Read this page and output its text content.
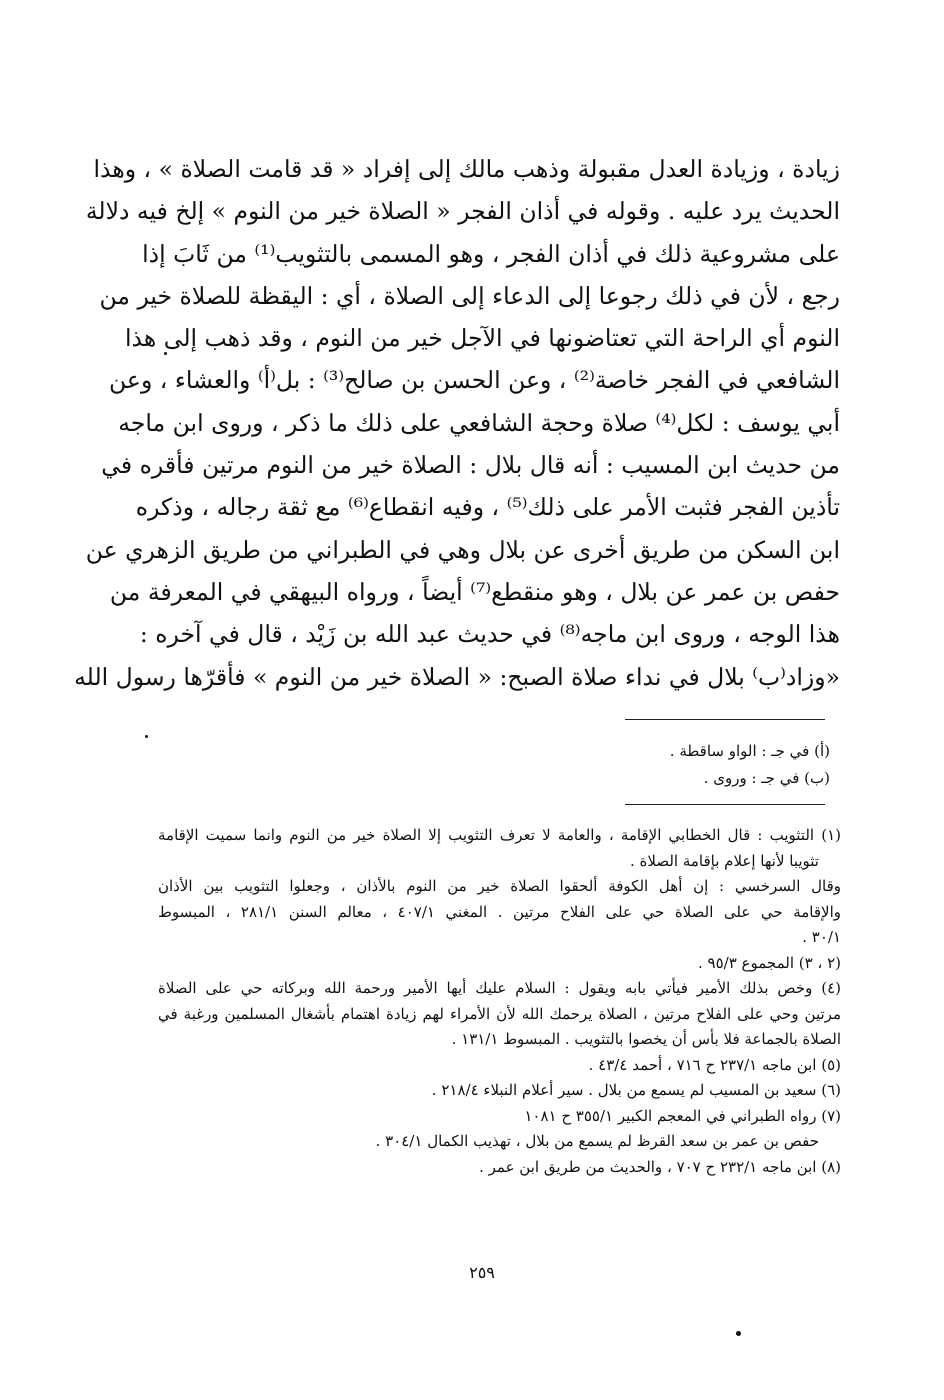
زيادة ، وزيادة العدل مقبولة وذهب مالك إلى إفراد « قد قامت الصلاة » ، وهذا
الحديث يرد عليه . وقوله في أذان الفجر « الصلاة خير من النوم » إلخ فيه دلالة
على مشروعية ذلك في أذان الفجر ، وهو المسمى بالتثويب⁽¹⁾ من ثَابَ إذا
رجع ، لأن في ذلك رجوعا إلى الدعاء إلى الصلاة ، أي : اليقظة للصلاة خير من
النوم أي الراحة التي تعتاضونها في الآجل خير من النوم ، وقد ذهب إلى هذا
الشافعي في الفجر خاصة⁽²⁾ ، وعن الحسن بن صالح⁽³⁾ : بل⁽أ⁾ والعشاء ، وعن
أبي يوسف : لكل⁽⁴⁾ صلاة وحجة الشافعي على ذلك ما ذكر ، وروى ابن ماجه
من حديث ابن المسيب : أنه قال بلال : الصلاة خير من النوم مرتين فأقره في
تأذين الفجر فثبت الأمر على ذلك⁽⁵⁾ ، وفيه انقطاع⁽⁶⁾ مع ثقة رجاله ، وذكره
ابن السكن من طريق أخرى عن بلال وهي في الطبراني من طريق الزهري عن
حفص بن عمر عن بلال ، وهو منقطع⁽⁷⁾ أيضاً ، ورواه البيهقي في المعرفة من
هذا الوجه ، وروى ابن ماجه⁽⁸⁾ في حديث عبد الله بن زَيْد ، قال في آخره :
«وزاد⁽ب⁾ بلال في نداء صلاة الصبح: « الصلاة خير من النوم » فأقرّها رسول الله
(أ) في جـ : الواو ساقطة .
(ب) في جـ : وروى .
(١) التثويب : قال الخطابي الإقامة ، والعامة لا تعرف التثويب إلا الصلاة خير من النوم وانما سميت الإقامة
تثويبا لأنها إعلام بإقامة الصلاة .
وقال السرخسي : إن أهل الكوفة ألحقوا الصلاة خير من النوم بالأذان ، وجعلوا التثويب بين الأذان
والإقامة حي على الصلاة حي على الفلاح مرتين . المغني ٤٠٧/١ ، معالم السنن ٢٨١/١ ، المبسوط
٣٠/١ .
(٢ ، ٣) المجموع ٩٥/٣ .
(٤) وخص بذلك الأمير فيأتي بابه ويقول : السلام عليك أيها الأمير ورحمة الله وبركاته حي على الصلاة
مرتين وحي على الفلاح مرتين ، الصلاة يرحمك الله لأن الأمراء لهم زيادة اهتمام بأشغال المسلمين ورغبة في
الصلاة بالجماعة فلا بأس أن يخصوا بالتثويب . المبسوط ١٣١/١ .
(٥) ابن ماجه ٢٣٧/١ ح ٧١٦ ، أحمد ٤٣/٤ .
(٦) سعيد بن المسيب لم يسمع من بلال . سير أعلام النبلاء ٢١٨/٤ .
(٧) رواه الطبراني في المعجم الكبير ٣٥٥/١ ح ١٠٨١
حفص بن عمر بن سعد القرظ لم يسمع من بلال ، تهذيب الكمال ٣٠٤/١ .
(٨) ابن ماجه ٢٣٢/١ ح ٧٠٧ ، والحديث من طريق ابن عمر .
٢٥٩
